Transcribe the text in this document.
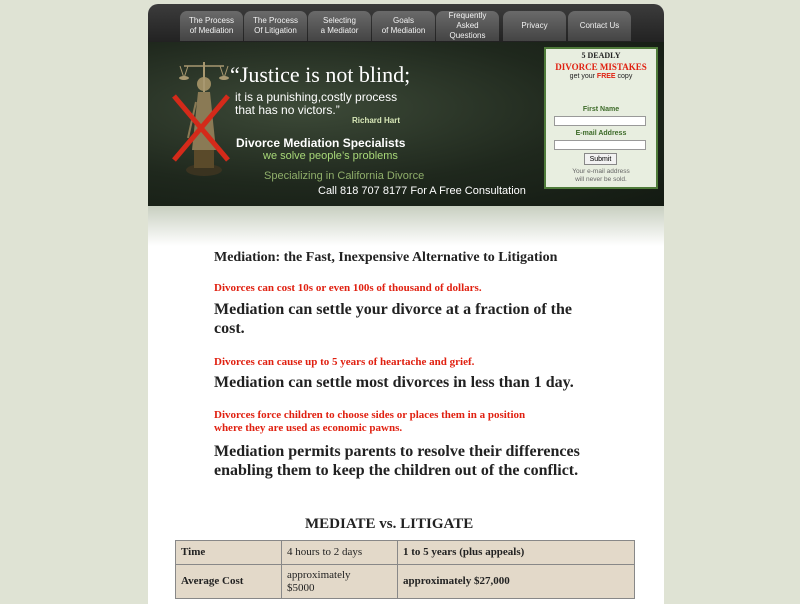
The Process
of Mediation
The Process
Of Litigation
Selecting
a Mediator
Goals
of Mediation
Frequently
Asked Questions
Privacy	Contact Us
“Justice is not blind;
it is a punishing,costly process
that has no victors.”
Richard Hart
Divorce Mediation Specialists
we solve people’s problems
Specializing in California Divorce
Call 818 707 8177 For A Free Consultation
5 DEADLY
DIVORCE MISTAKES
get your FREE copy
First Name
E-mail Address
Submit
Your e-mail address
will never be sold.
Mediation: the Fast, Inexpensive Alternative to Litigation
Divorces can cost 10s or even 100s of thousand of dollars.
Mediation can settle your divorce at a fraction of the
cost.
Divorces can cause up to 5 years of heartache and grief.
Mediation can settle most divorces in less than 1 day.
Divorces force children to choose sides or places them in a position
where they are used as economic pawns.
Mediation permits parents to resolve their differences
enabling them to keep the children out of the conflict.
MEDIATE vs. LITIGATE
Time	4 hours to 2 days	1 to 5 years (plus appeals)
Average Cost	approximately
$5000	approximately $27,000
